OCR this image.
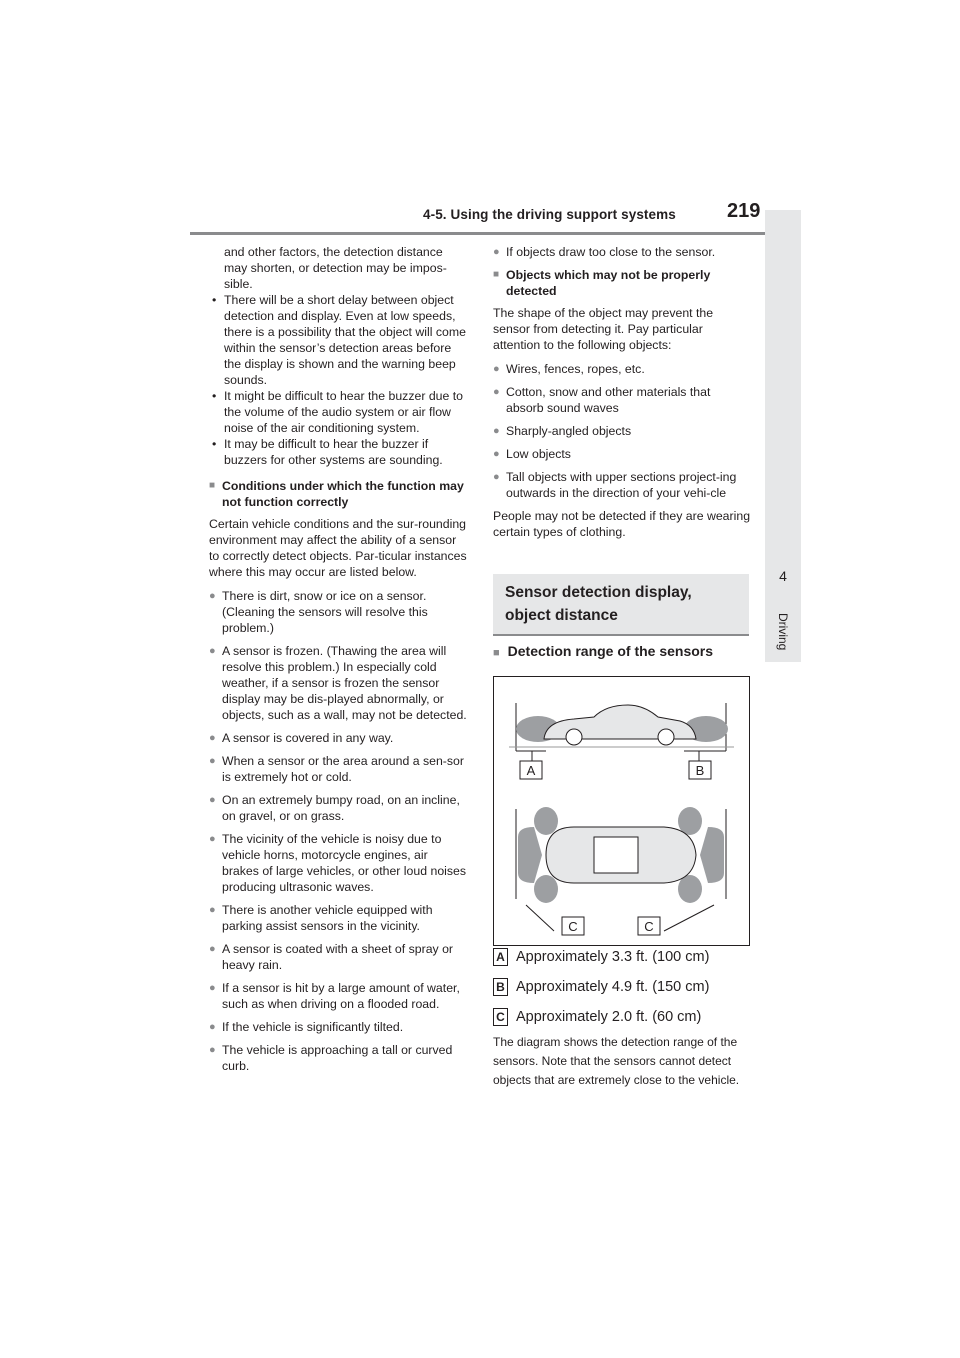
4-5. Using the driving support systems	219
4
Driving

and other factors, the detection distance may shorten, or detection may be impos-sible.

• There will be a short delay between object detection and display. Even at low speeds, there is a possibility that the object will come within the sensor’s detection areas before the display is shown and the warning beep sounds.

• It might be difficult to hear the buzzer due to the volume of the audio system or air flow noise of the air conditioning system.

• It may be difficult to hear the buzzer if buzzers for other systems are sounding.

■ Conditions under which the function may not function correctly

Certain vehicle conditions and the sur-rounding environment may affect the ability of a sensor to correctly detect objects. Par-ticular instances where this may occur are listed below.

● There is dirt, snow or ice on a sensor. (Cleaning the sensors will resolve this problem.)

● A sensor is frozen. (Thawing the area will resolve this problem.) In especially cold weather, if a sensor is frozen the sensor display may be dis-played abnormally, or objects, such as a wall, may not be detected.

● A sensor is covered in any way.

● When a sensor or the area around a sen-sor is extremely hot or cold.

● On an extremely bumpy road, on an incline, on gravel, or on grass.

● The vicinity of the vehicle is noisy due to vehicle horns, motorcycle engines, air brakes of large vehicles, or other loud noises producing ultrasonic waves.

● There is another vehicle equipped with parking assist sensors in the vicinity.

● A sensor is coated with a sheet of spray or heavy rain.

● If a sensor is hit by a large amount of water, such as when driving on a flooded road.

● If the vehicle is significantly tilted.

● The vehicle is approaching a tall or curved curb.

● If objects draw too close to the sensor.

■ Objects which may not be properly detected

The shape of the object may prevent the sensor from detecting it. Pay particular attention to the following objects:

● Wires, fences, ropes, etc.

● Cotton, snow and other materials that absorb sound waves

● Sharply-angled objects

● Low objects

● Tall objects with upper sections project-ing outwards in the direction of your vehi-cle

People may not be detected if they are wearing certain types of clothing.

Sensor detection display, object distance
■ Detection range of the sensors
A	B
C	C
A Approximately 3.3 ft. (100 cm)
B Approximately 4.9 ft. (150 cm)
C Approximately 2.0 ft. (60 cm)
The diagram shows the detection range of the sensors. Note that the sensors cannot detect objects that are extremely close to the vehicle.
